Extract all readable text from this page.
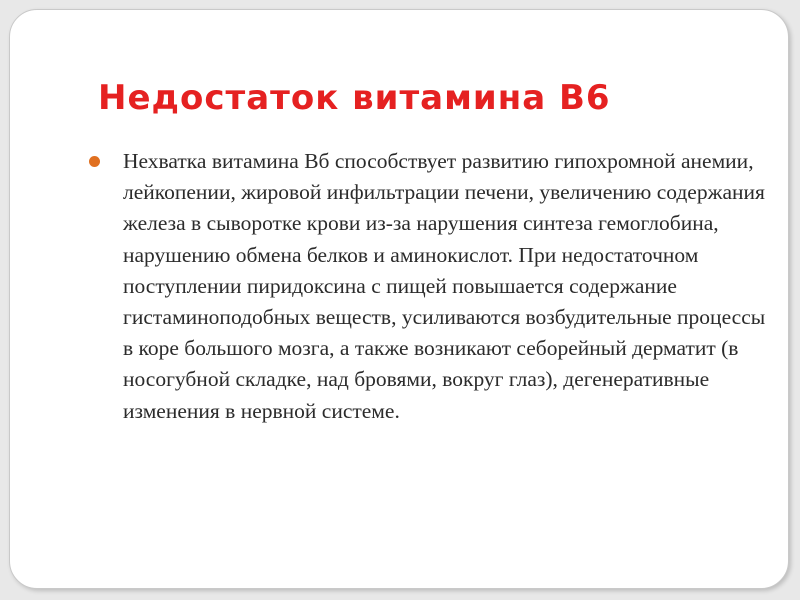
Недостаток витамина В6

Нехватка витамина Вб способствует развитию гипохромной анемии, лейкопении, жировой инфильтрации печени, увеличению содержания железа в сыворотке крови из-за нарушения синтеза гемоглобина, нарушению обмена белков и аминокислот. При недостаточном поступлении пиридоксина с пищей повышается содержание гистаминоподобных веществ, усиливаются возбудительные процессы в коре большого мозга, а также возникают себорейный дерматит (в носогубной складке, над бровями, вокруг глаз), дегенеративные изменения в нервной системе.
